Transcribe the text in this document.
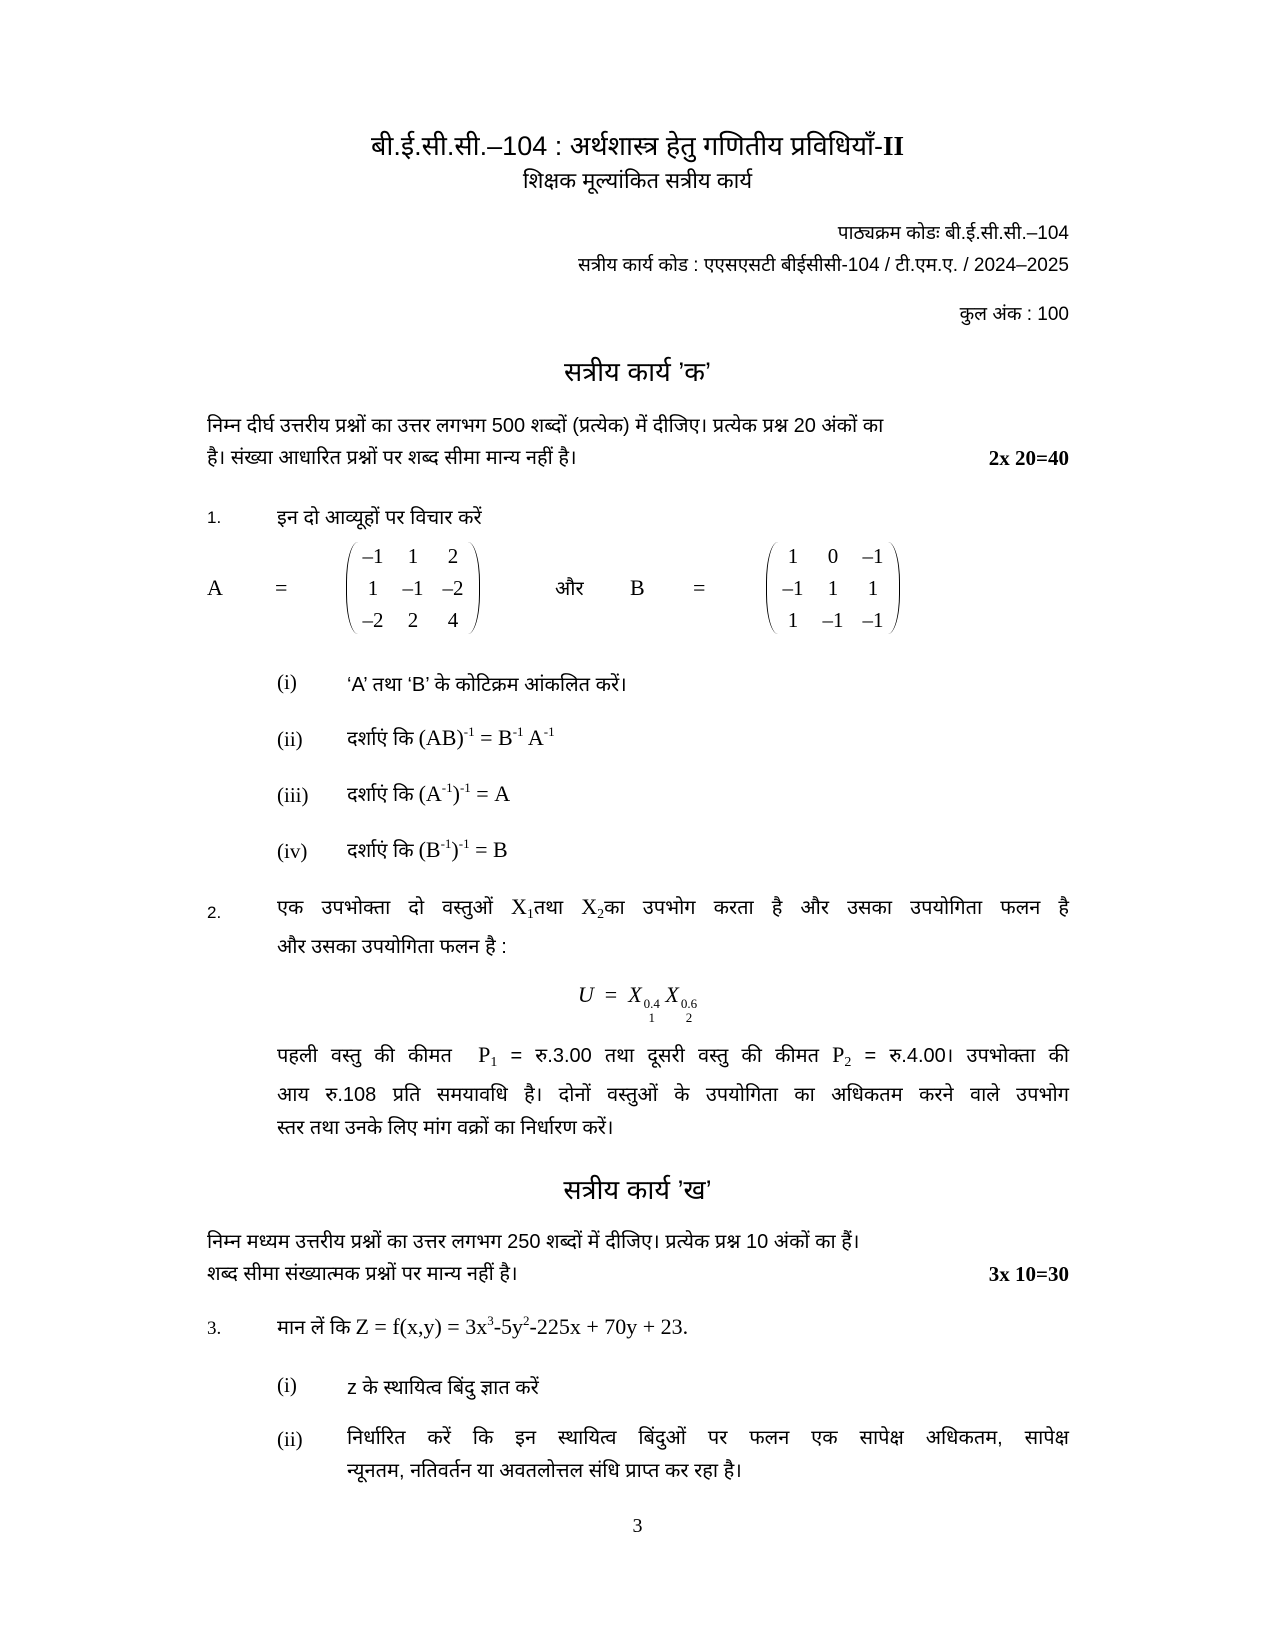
बी.ई.सी.सी.–104 : अर्थशास्त्र हेतु गणितीय प्रविधियाँ-II
शिक्षक मूल्यांकित सत्रीय कार्य
पाठ्यक्रम कोडः बी.ई.सी.सी.–104
सत्रीय कार्य कोड : एएसएसटी बीईसीसी-104 / टी.एम.ए. / 2024–2025
कुल अंक : 100
सत्रीय कार्य ’क’
निम्न दीर्घ उत्तरीय प्रश्नों का उत्तर लगभग 500 शब्दों (प्रत्येक) में दीजिए। प्रत्येक प्रश्न 20 अंकों का
है। संख्या आधारित प्रश्नों पर शब्द सीमा मान्य नहीं है।	2x 20=40
1.	इन दो आव्यूहों पर विचार करें
A =
–1	1	2
1	–1 –2
–2	2	4
और B =
1	0	–1
–1	1	1
1	–1 –1
(i)	‘A’ तथा ‘B’ के कोटिक्रम आंकलित करें।
(ii) दर्शाएं कि $(AB)^{-1} = B^{-1}$ $A^{-1}$
(iii) दर्शाएं कि $(A^{-1})^{-1} = A$
(iv) दर्शाएं कि $(B^{-1})^{-1} = B$
2.	एक उपभोक्ता दो वस्तुओं $X_1तथा$ $X_2का$ उपभोग करता है और उसका उपयोगिता फलन है
और उसका उपयोगिता फलन है :
U = X 0.4
1
X 0.6
2
पहली वस्तु की कीमत $P_1$ = रु.3.00 तथा दूसरी वस्तु की कीमत $P_2$ = रु.4.00। उपभोक्ता की
आय रु.108 प्रति समयावधि है। दोनों वस्तुओं के उपयोगिता का अधिकतम करने वाले उपभोग
स्तर तथा उनके लिए मांग वक्रों का निर्धारण करें।
सत्रीय कार्य ’ख’
निम्न मध्यम उत्तरीय प्रश्नों का उत्तर लगभग 250 शब्दों में दीजिए। प्रत्येक प्रश्न 10 अंकों का हैं।
शब्द सीमा संख्यात्मक प्रश्नों पर मान्य नहीं है।	3x 10=30
3.	मान लें कि $Z = f(x,y) = 3x^3-5y^2-225x + 70y + 23$.
(i)	z के स्थायित्व बिंदु ज्ञात करें
(ii) निर्धारित करें कि इन स्थायित्व बिंदुओं पर फलन एक सापेक्ष अधिकतम, सापेक्ष
न्यूनतम, नतिवर्तन या अवतलोत्तल संधि प्राप्त कर रहा है।
3
